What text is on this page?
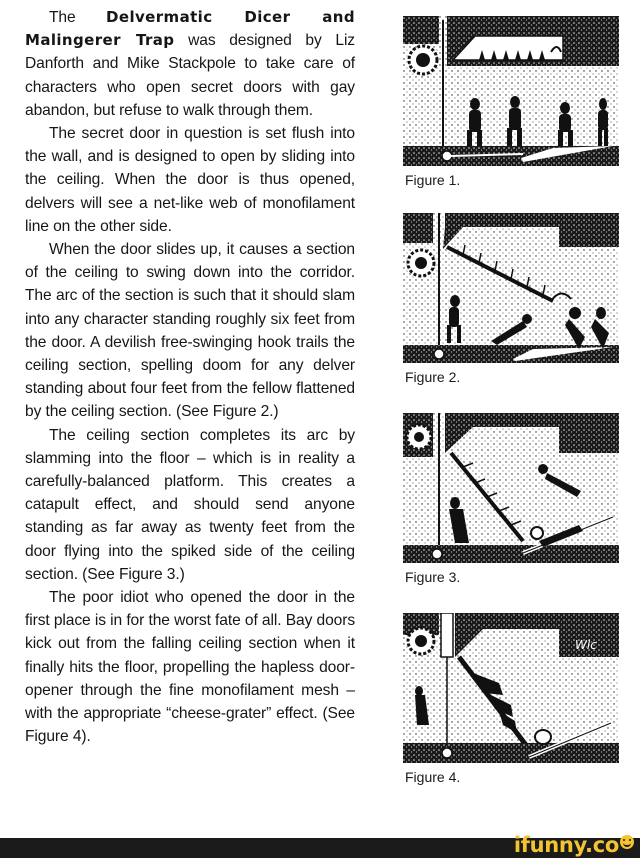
The Delvermatic Dicer and Malingerer Trap was designed by Liz Danforth and Mike Stackpole to take care of characters who open secret doors with gay abandon, but refuse to walk through them.

The secret door in question is set flush into the wall, and is designed to open by sliding into the ceiling. When the door is thus opened, delvers will see a net-like web of monofilament line on the other side.

When the door slides up, it causes a section of the ceiling to swing down into the corridor. The arc of the section is such that it should slam into any character standing roughly six feet from the door. A devilish free-swinging hook trails the ceiling section, spelling doom for any delver standing about four feet from the fellow flattened by the ceiling section. (See Figure 2.)

The ceiling section completes its arc by slamming into the floor – which is in reality a carefully-balanced platform. This creates a catapult effect, and should send anyone standing as far away as twenty feet from the door flying into the spiked side of the ceiling section. (See Figure 3.)

The poor idiot who opened the door in the first place is in for the worst fate of all. Bay doors kick out from the falling ceiling section when it finally hits the floor, propelling the hapless door-opener through the fine monofilament mesh – with the appropriate “cheese-grater” effect. (See Figure 4).

Figure 1.
Figure 2.
Figure 3.
Wlc
Figure 4.
ifunny.co
